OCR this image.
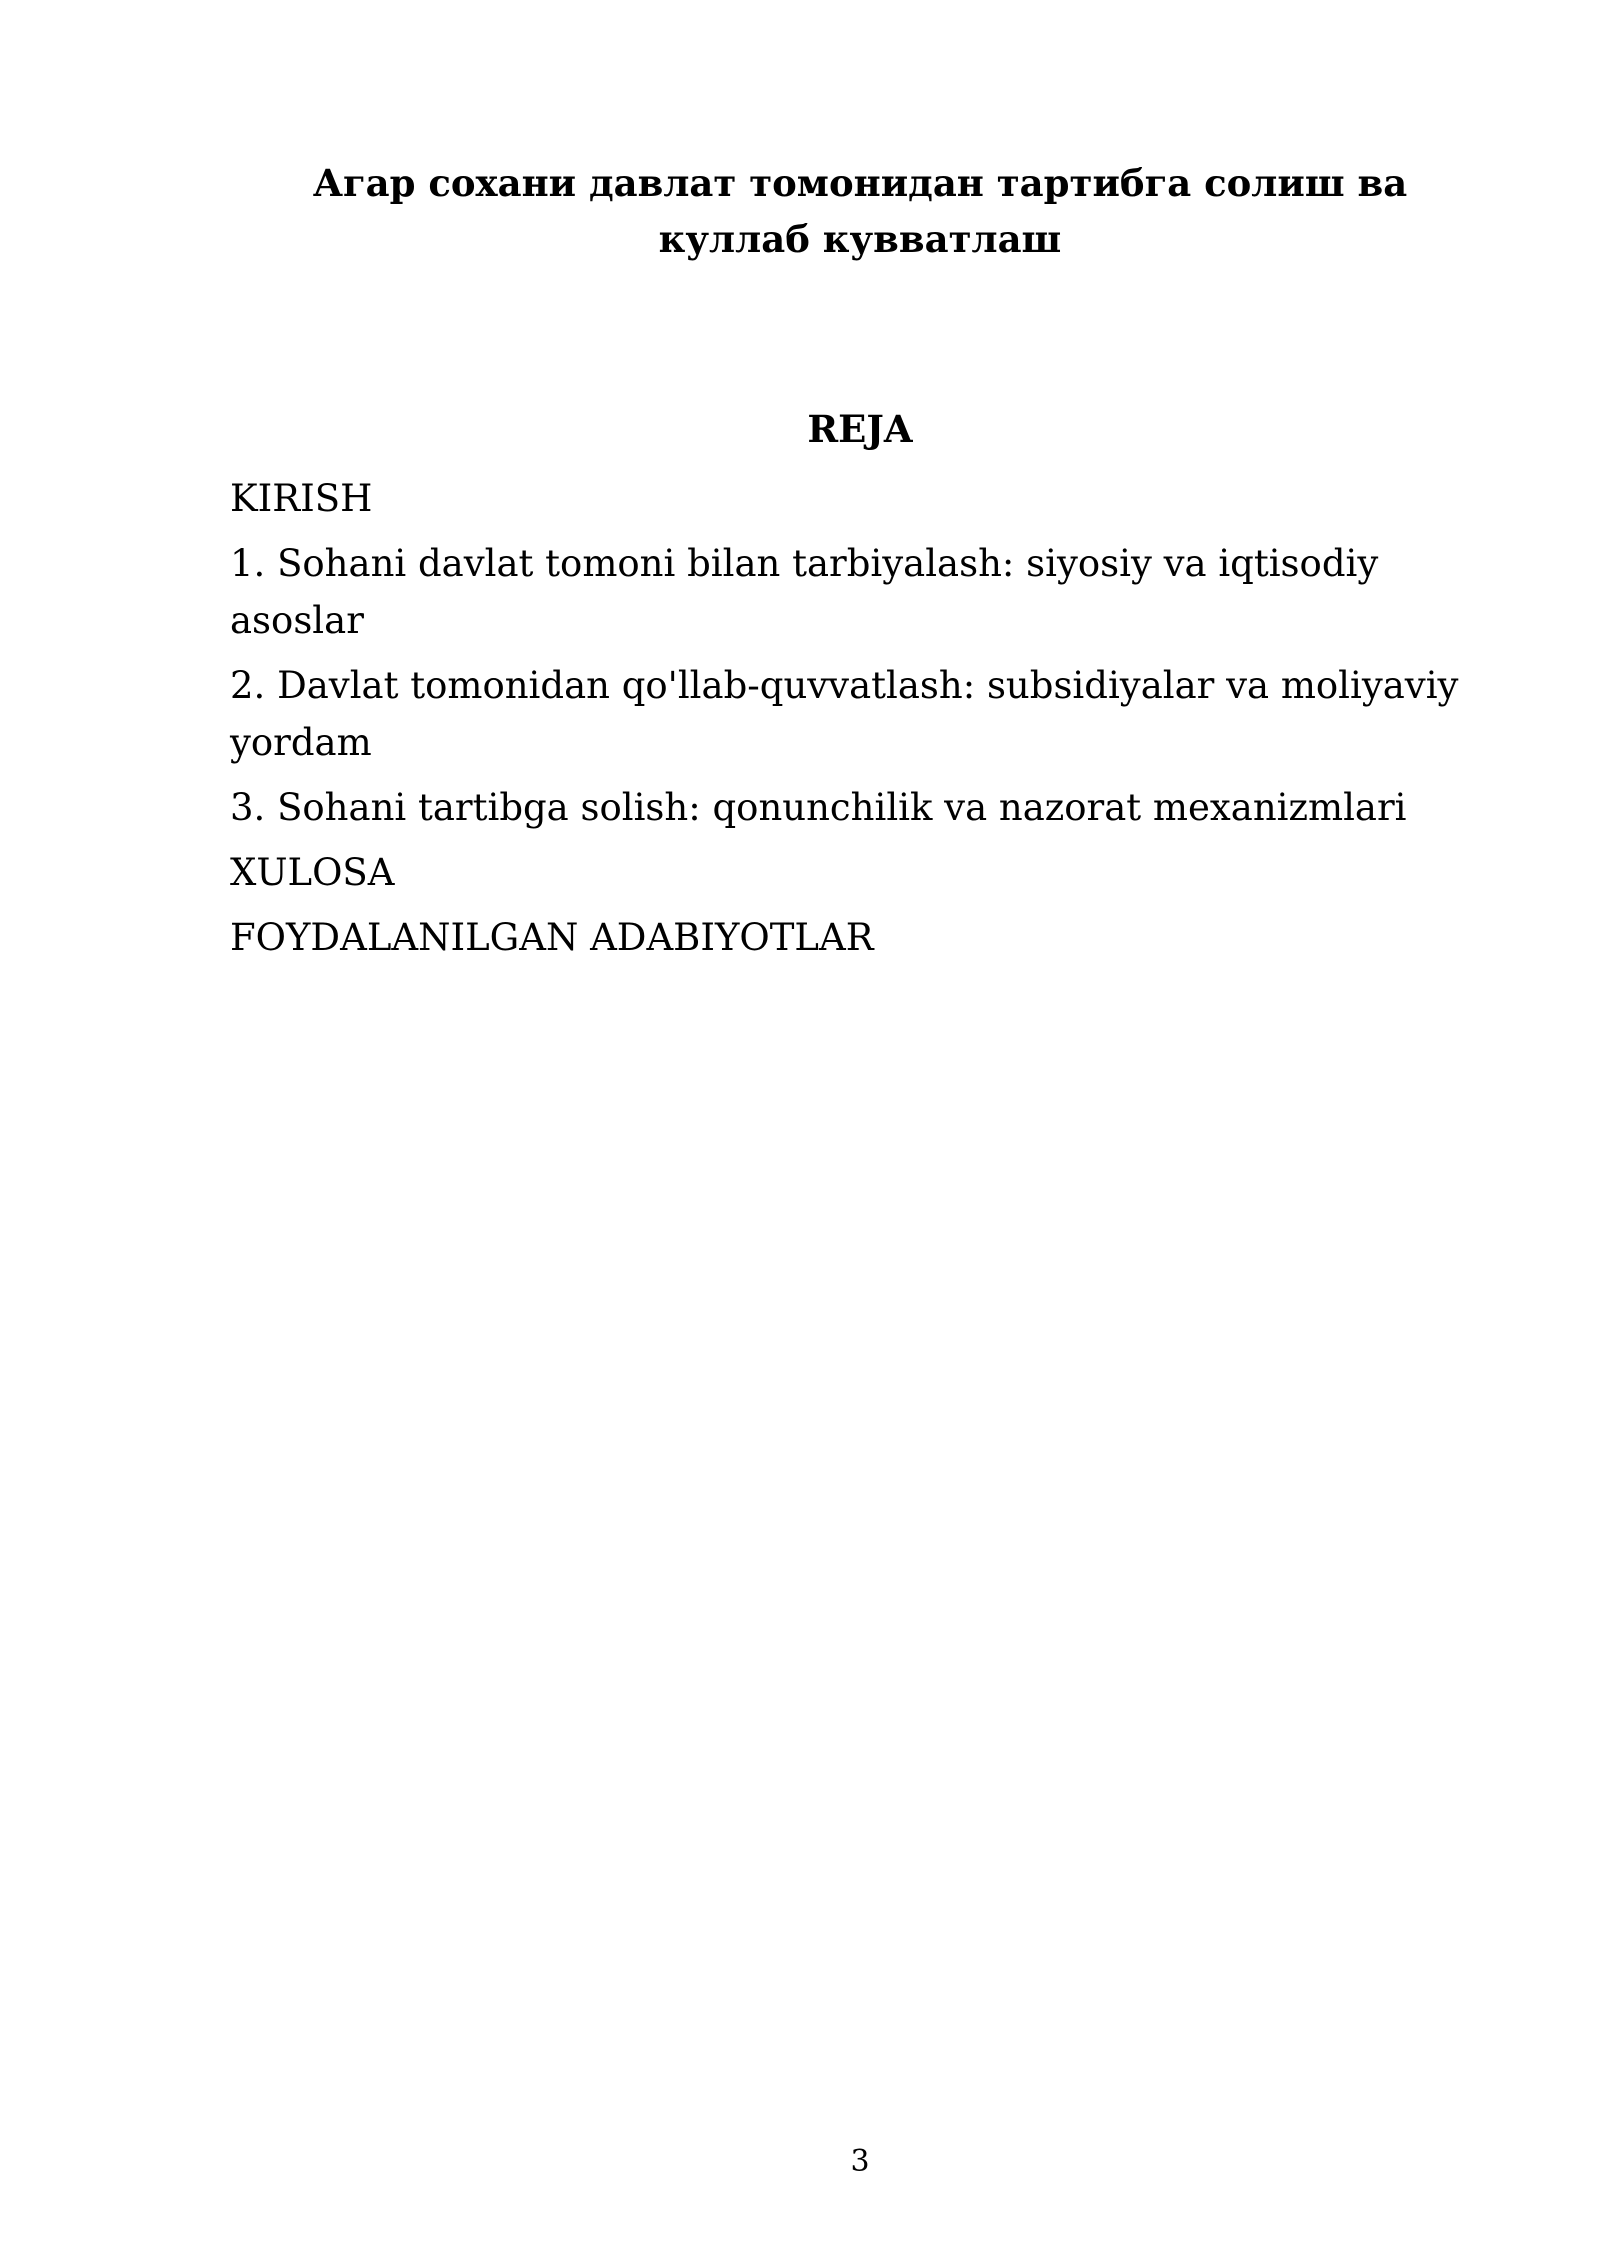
Агар сохани давлат томонидан тартибга солиш ва
куллаб кувватлаш
REJA
KIRISH
1. Sohani davlat tomoni bilan tarbiyalash: siyosiy va iqtisodiy asoslar
2. Davlat tomonidan qo'llab-quvvatlash: subsidiyalar va moliyaviy yordam
3. Sohani tartibga solish: qonunchilik va nazorat mexanizmlari
XULOSA
FOYDALANILGAN ADABIYOTLAR
3
